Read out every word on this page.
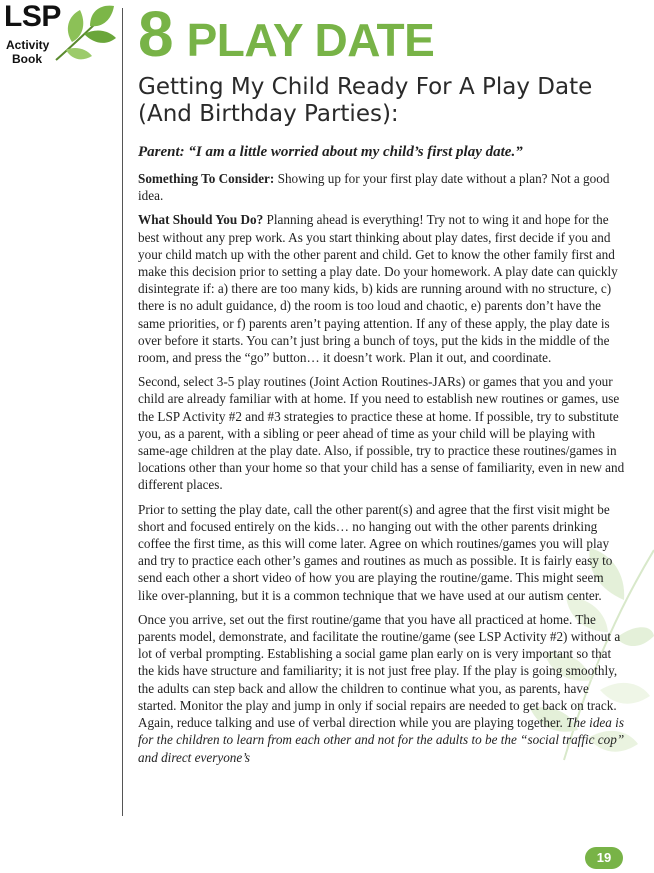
LSP
Activity
Book 8 PLAY DATE
Getting My Child Ready For A Play Date (And Birthday Parties):

Parent: “I am a little worried about my child’s first play date.”

Something To Consider: Showing up for your first play date without a plan? Not a good idea.

What Should You Do? Planning ahead is everything! Try not to wing it and hope for the best without any prep work. As you start thinking about play dates, first decide if you and your child match up with the other parent and child. Get to know the other family first and make this decision prior to setting a play date. Do your homework. A play date can quickly disintegrate if: a) there are too many kids, b) kids are running around with no structure, c) there is no adult guidance, d) the room is too loud and chaotic, e) parents don’t have the same priorities, or f) parents aren’t paying attention. If any of these apply, the play date is over before it starts. You can’t just bring a bunch of toys, put the kids in the middle of the room, and press the “go” button… it doesn’t work. Plan it out, and coordinate.

Second, select 3-5 play routines (Joint Action Routines-JARs) or games that you and your child are already familiar with at home. If you need to establish new routines or games, use the LSP Activity #2 and #3 strategies to practice these at home. If possible, try to substitute you, as a parent, with a sibling or peer ahead of time as your child will be playing with same-age children at the play date. Also, if possible, try to practice these routines/games in locations other than your home so that your child has a sense of familiarity, even in new and different places.

Prior to setting the play date, call the other parent(s) and agree that the first visit might be short and focused entirely on the kids… no hanging out with the other parents drinking coffee the first time, as this will come later. Agree on which routines/games you will play and try to practice each other’s games and routines as much as possible. It is fairly easy to send each other a short video of how you are playing the routine/game. This might seem like over-planning, but it is a common technique that we have used at our autism center.

Once you arrive, set out the first routine/game that you have all practiced at home. The parents model, demonstrate, and facilitate the routine/game (see LSP Activity #2) without a lot of verbal prompting. Establishing a social game plan early on is very important so that the kids have structure and familiarity; it is not just free play. If the play is going smoothly, the adults can step back and allow the children to continue what you, as parents, have started. Monitor the play and jump in only if social repairs are needed to get back on track. Again, reduce talking and use of verbal direction while you are playing together. The idea is for the children to learn from each other and not for the adults to be the “social traffic cop” and direct everyone’s

19
